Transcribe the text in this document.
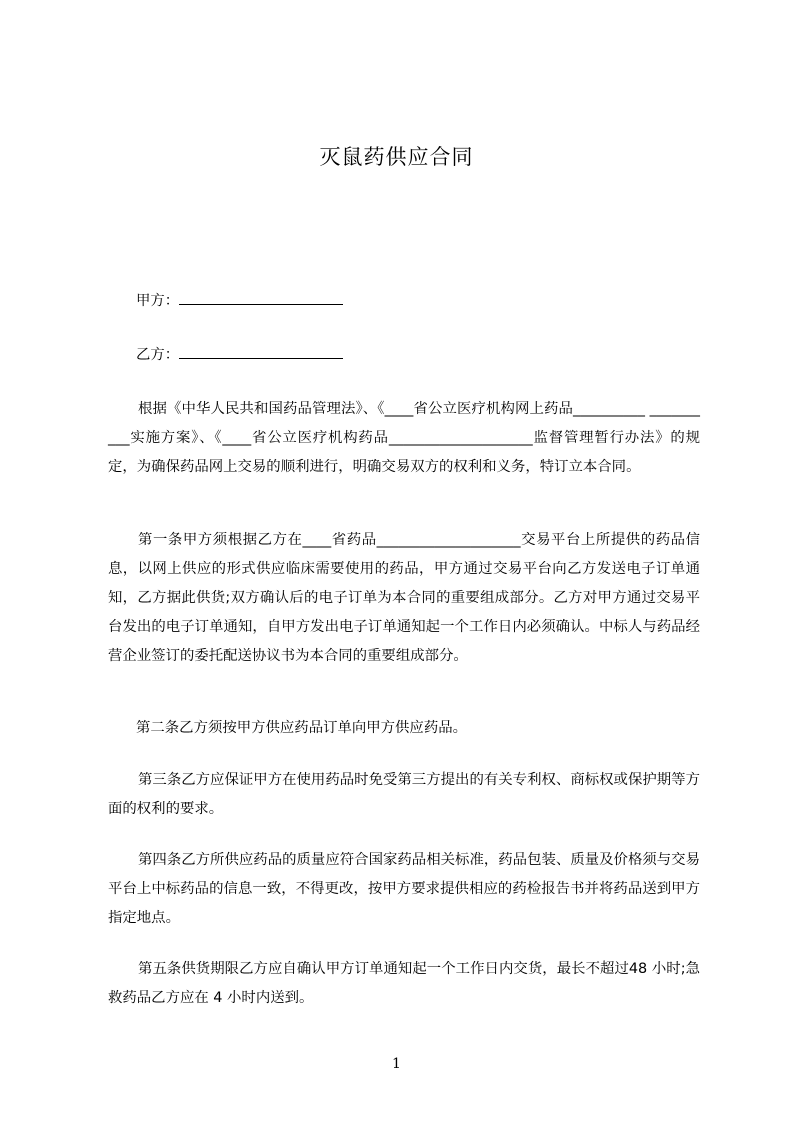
灭鼠药供应合同
甲方：
乙方：
根据《中华人民共和国药品管理法》、《____省公立医疗机构网上药品__________ __________实施方案》、《____省公立医疗机构药品____________________监督管理暂行办法》的规定，为确保药品网上交易的顺利进行，明确交易双方的权利和义务，特订立本合同。
第一条甲方须根据乙方在____省药品____________________交易平台上所提供的药品信息，以网上供应的形式供应临床需要使用的药品，甲方通过交易平台向乙方发送电子订单通知，乙方据此供货;双方确认后的电子订单为本合同的重要组成部分。乙方对甲方通过交易平台发出的电子订单通知，自甲方发出电子订单通知起一个工作日内必须确认。中标人与药品经营企业签订的委托配送协议书为本合同的重要组成部分。
第二条乙方须按甲方供应药品订单向甲方供应药品。
第三条乙方应保证甲方在使用药品时免受第三方提出的有关专利权、商标权或保护期等方面的权利的要求。
第四条乙方所供应药品的质量应符合国家药品相关标准，药品包装、质量及价格须与交易平台上中标药品的信息一致，不得更改，按甲方要求提供相应的药检报告书并将药品送到甲方指定地点。
第五条供货期限乙方应自确认甲方订单通知起一个工作日内交货，最长不超过48 小时;急救药品乙方应在 4 小时内送到。
1
